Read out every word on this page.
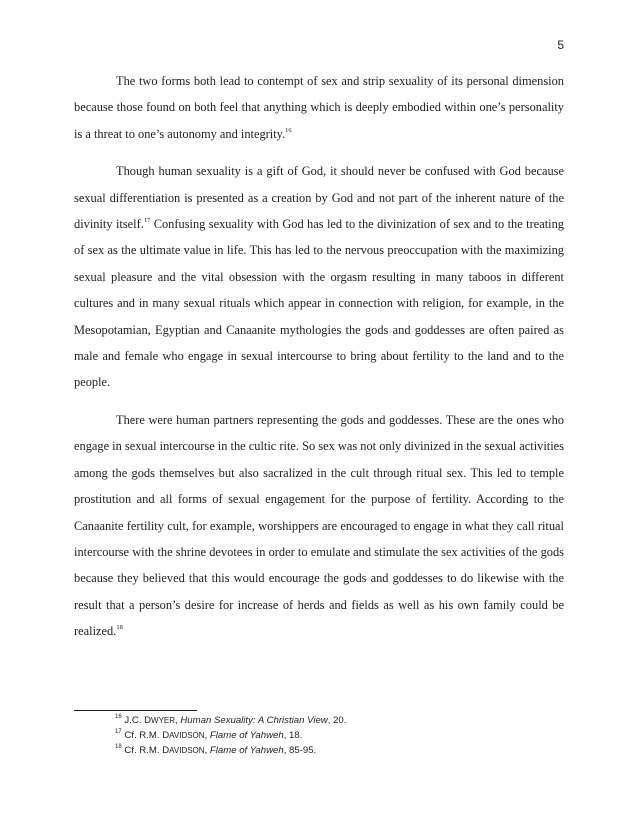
5

The two forms both lead to contempt of sex and strip sexuality of its personal dimension because those found on both feel that anything which is deeply embodied within one’s personality is a threat to one’s autonomy and integrity.$^{16}$

Though human sexuality is a gift of God, it should never be confused with God because sexual differentiation is presented as a creation by God and not part of the inherent nature of the divinity itself.$^{17}$ Confusing sexuality with God has led to the divinization of sex and to the treating of sex as the ultimate value in life. This has led to the nervous preoccupation with the maximizing sexual pleasure and the vital obsession with the orgasm resulting in many taboos in different cultures and in many sexual rituals which appear in connection with religion, for example, in the Mesopotamian, Egyptian and Canaanite mythologies the gods and goddesses are often paired as male and female who engage in sexual intercourse to bring about fertility to the land and to the people.

There were human partners representing the gods and goddesses. These are the ones who engage in sexual intercourse in the cultic rite. So sex was not only divinized in the sexual activities among the gods themselves but also sacralized in the cult through ritual sex. This led to temple prostitution and all forms of sexual engagement for the purpose of fertility. According to the Canaanite fertility cult, for example, worshippers are encouraged to engage in what they call ritual intercourse with the shrine devotees in order to emulate and stimulate the sex activities of the gods because they believed that this would encourage the gods and goddesses to do likewise with the result that a person’s desire for increase of herds and fields as well as his own family could be realized.$^{18}$

$^{16}$ J.C. DWYER, Human Sexuality: A Christian View, 20.

$^{17}$ Cf. R.M. DAVIDSON, Flame of Yahweh, 18.

$^{18}$ Cf. R.M. DAVIDSON, Flame of Yahweh, 85-95.
